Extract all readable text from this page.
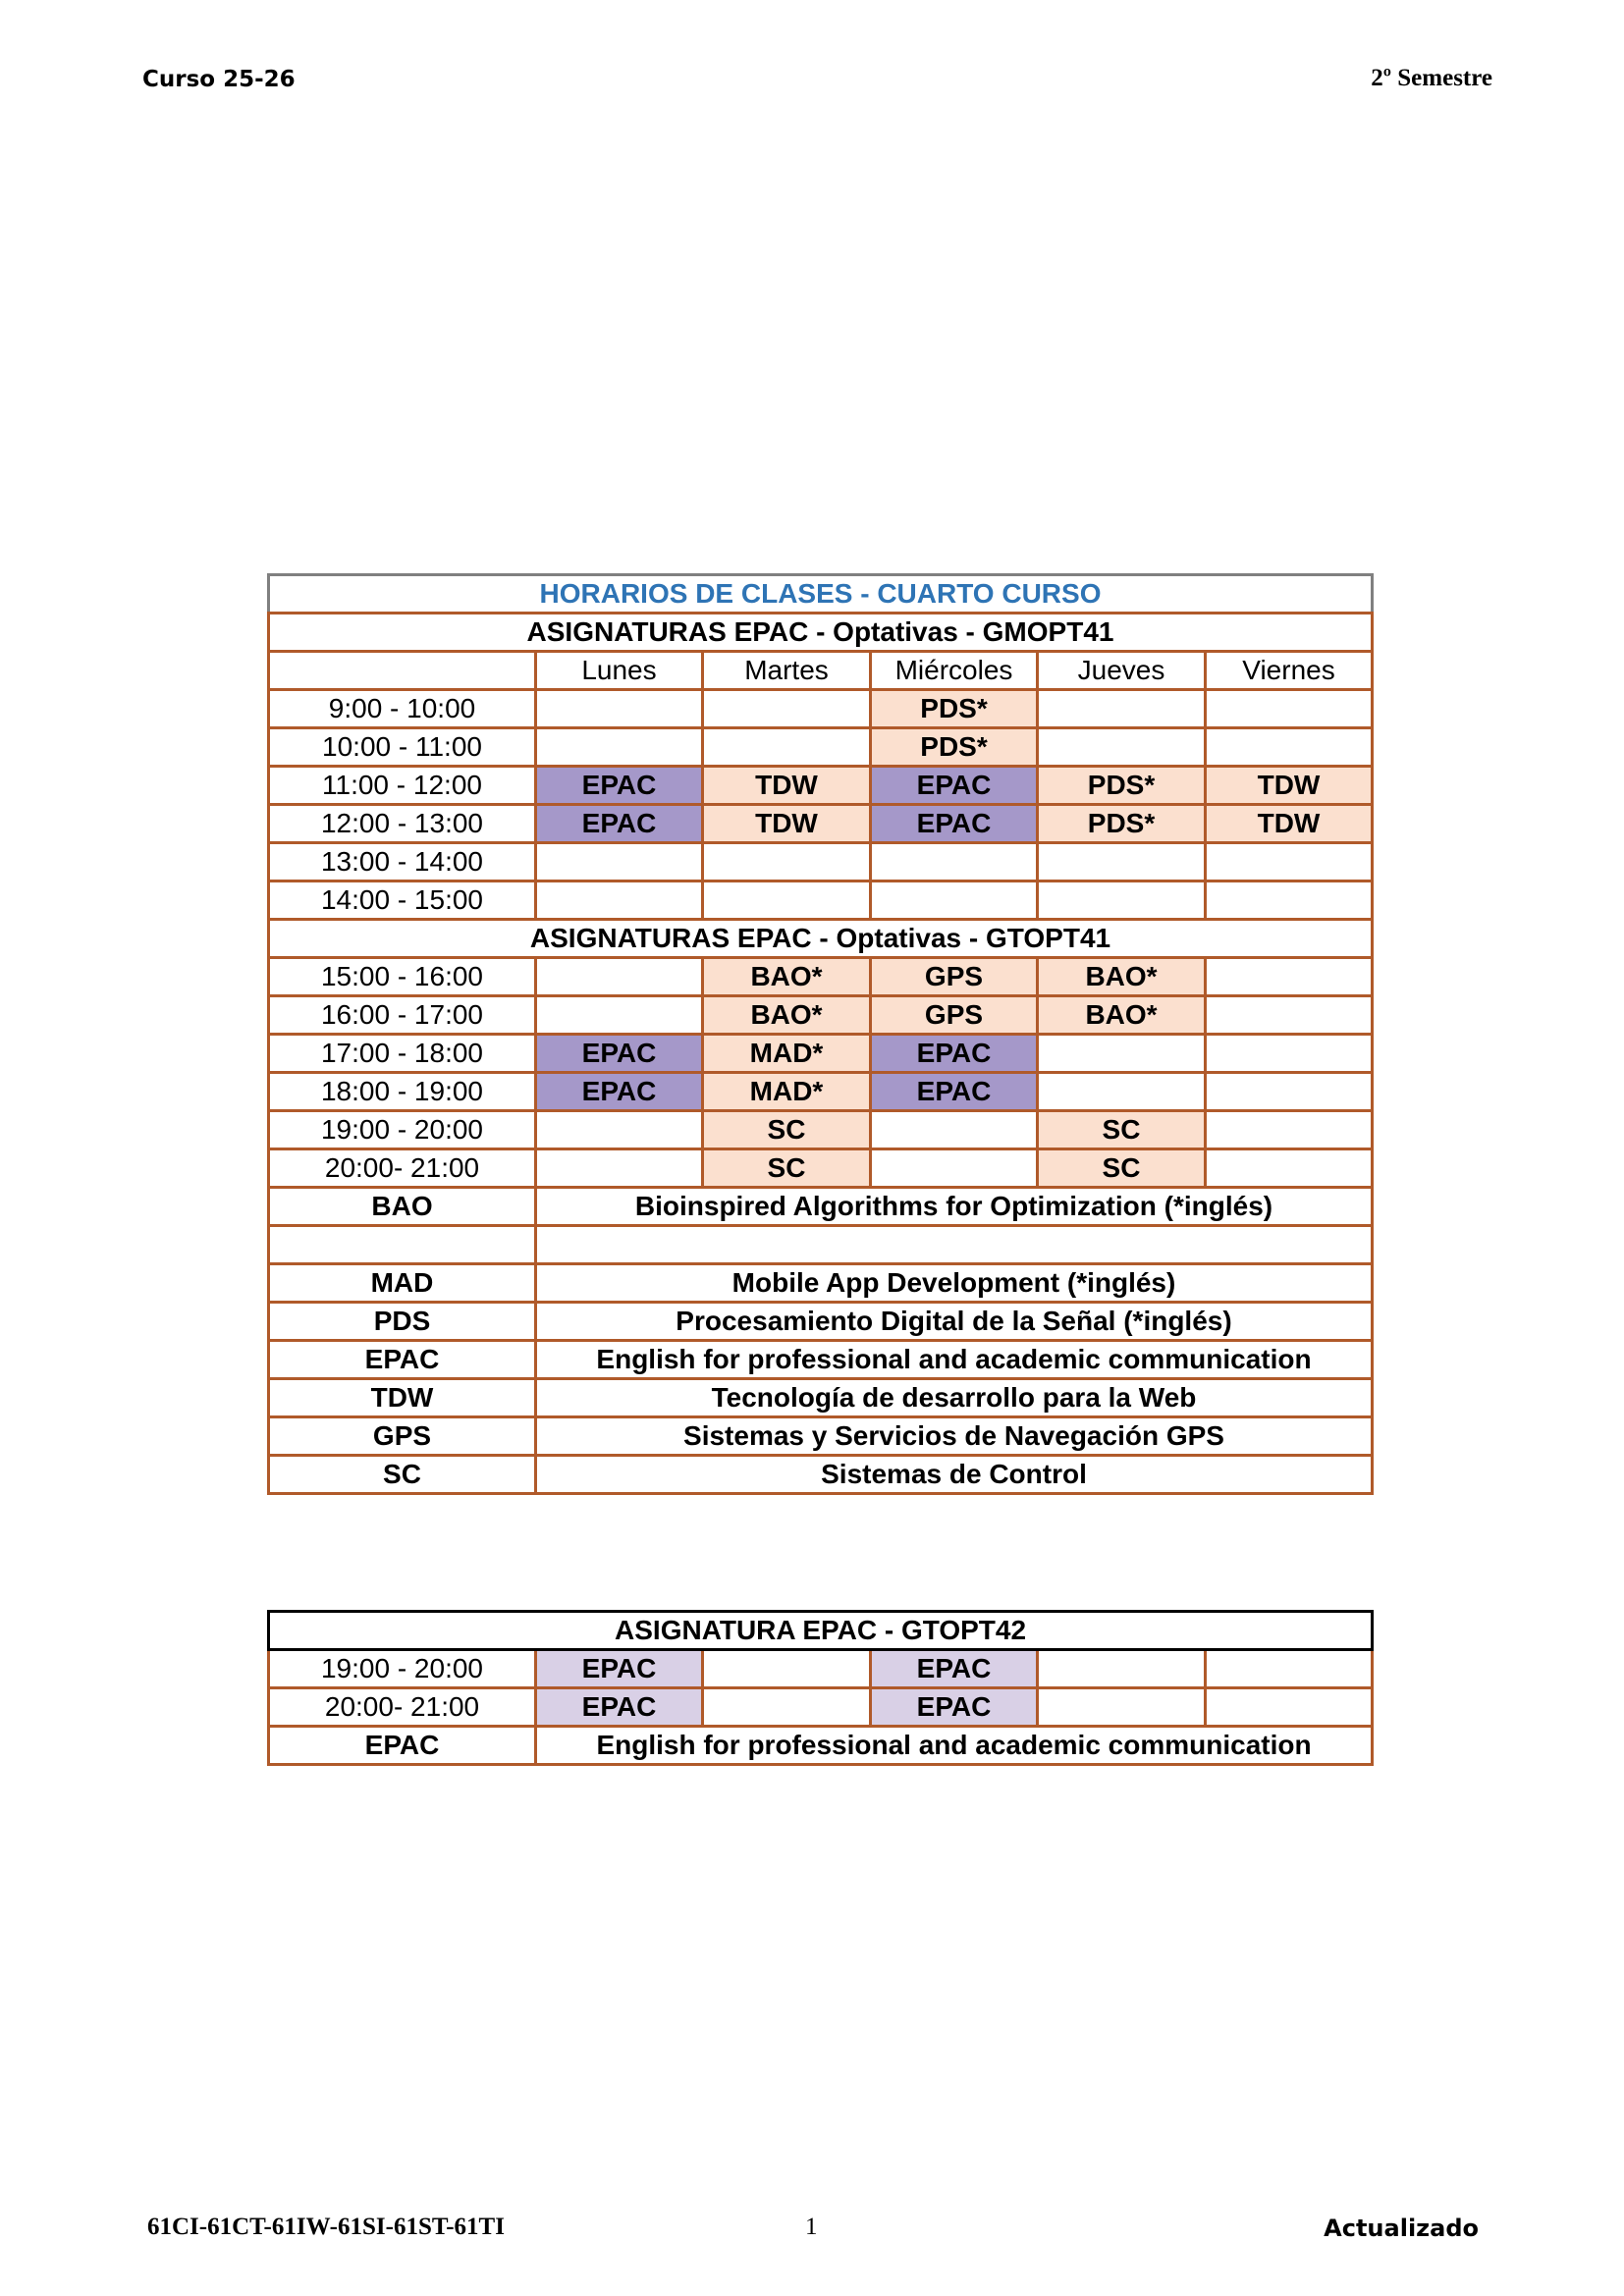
Curso 25-26	2º Semestre
HORARIOS DE CLASES - CUARTO CURSO					
ASIGNATURAS EPAC - Optativas - GMOPT41					
	Lunes	Martes	Miércoles	Jueves	Viernes
9:00 - 10:00			PDS*		
10:00 - 11:00			PDS*		
11:00 - 12:00	EPAC	TDW	EPAC	PDS*	TDW
12:00 - 13:00	EPAC	TDW	EPAC	PDS*	TDW
13:00 - 14:00					
14:00 - 15:00					
ASIGNATURAS EPAC - Optativas - GTOPT41					
15:00 - 16:00		BAO*	GPS	BAO*	
16:00 - 17:00		BAO*	GPS	BAO*	
17:00 - 18:00	EPAC	MAD*	EPAC		
18:00 - 19:00	EPAC	MAD*	EPAC		
19:00 - 20:00		SC		SC	
20:00- 21:00		SC		SC	
BAO	Bioinspired Algorithms for Optimization (*inglés)				

MAD	Mobile App Development (*inglés)				
PDS	Procesamiento Digital de la Señal (*inglés)				
EPAC	English for professional and academic communication				
TDW	Tecnología de desarrollo para la Web				
GPS	Sistemas y Servicios de Navegación GPS				
SC	Sistemas de Control				
ASIGNATURA EPAC - GTOPT42					
19:00 - 20:00	EPAC		EPAC		
20:00- 21:00	EPAC		EPAC		
EPAC	English for professional and academic communication				
61CI-61CT-61IW-61SI-61ST-61TI	1	Actualizado
